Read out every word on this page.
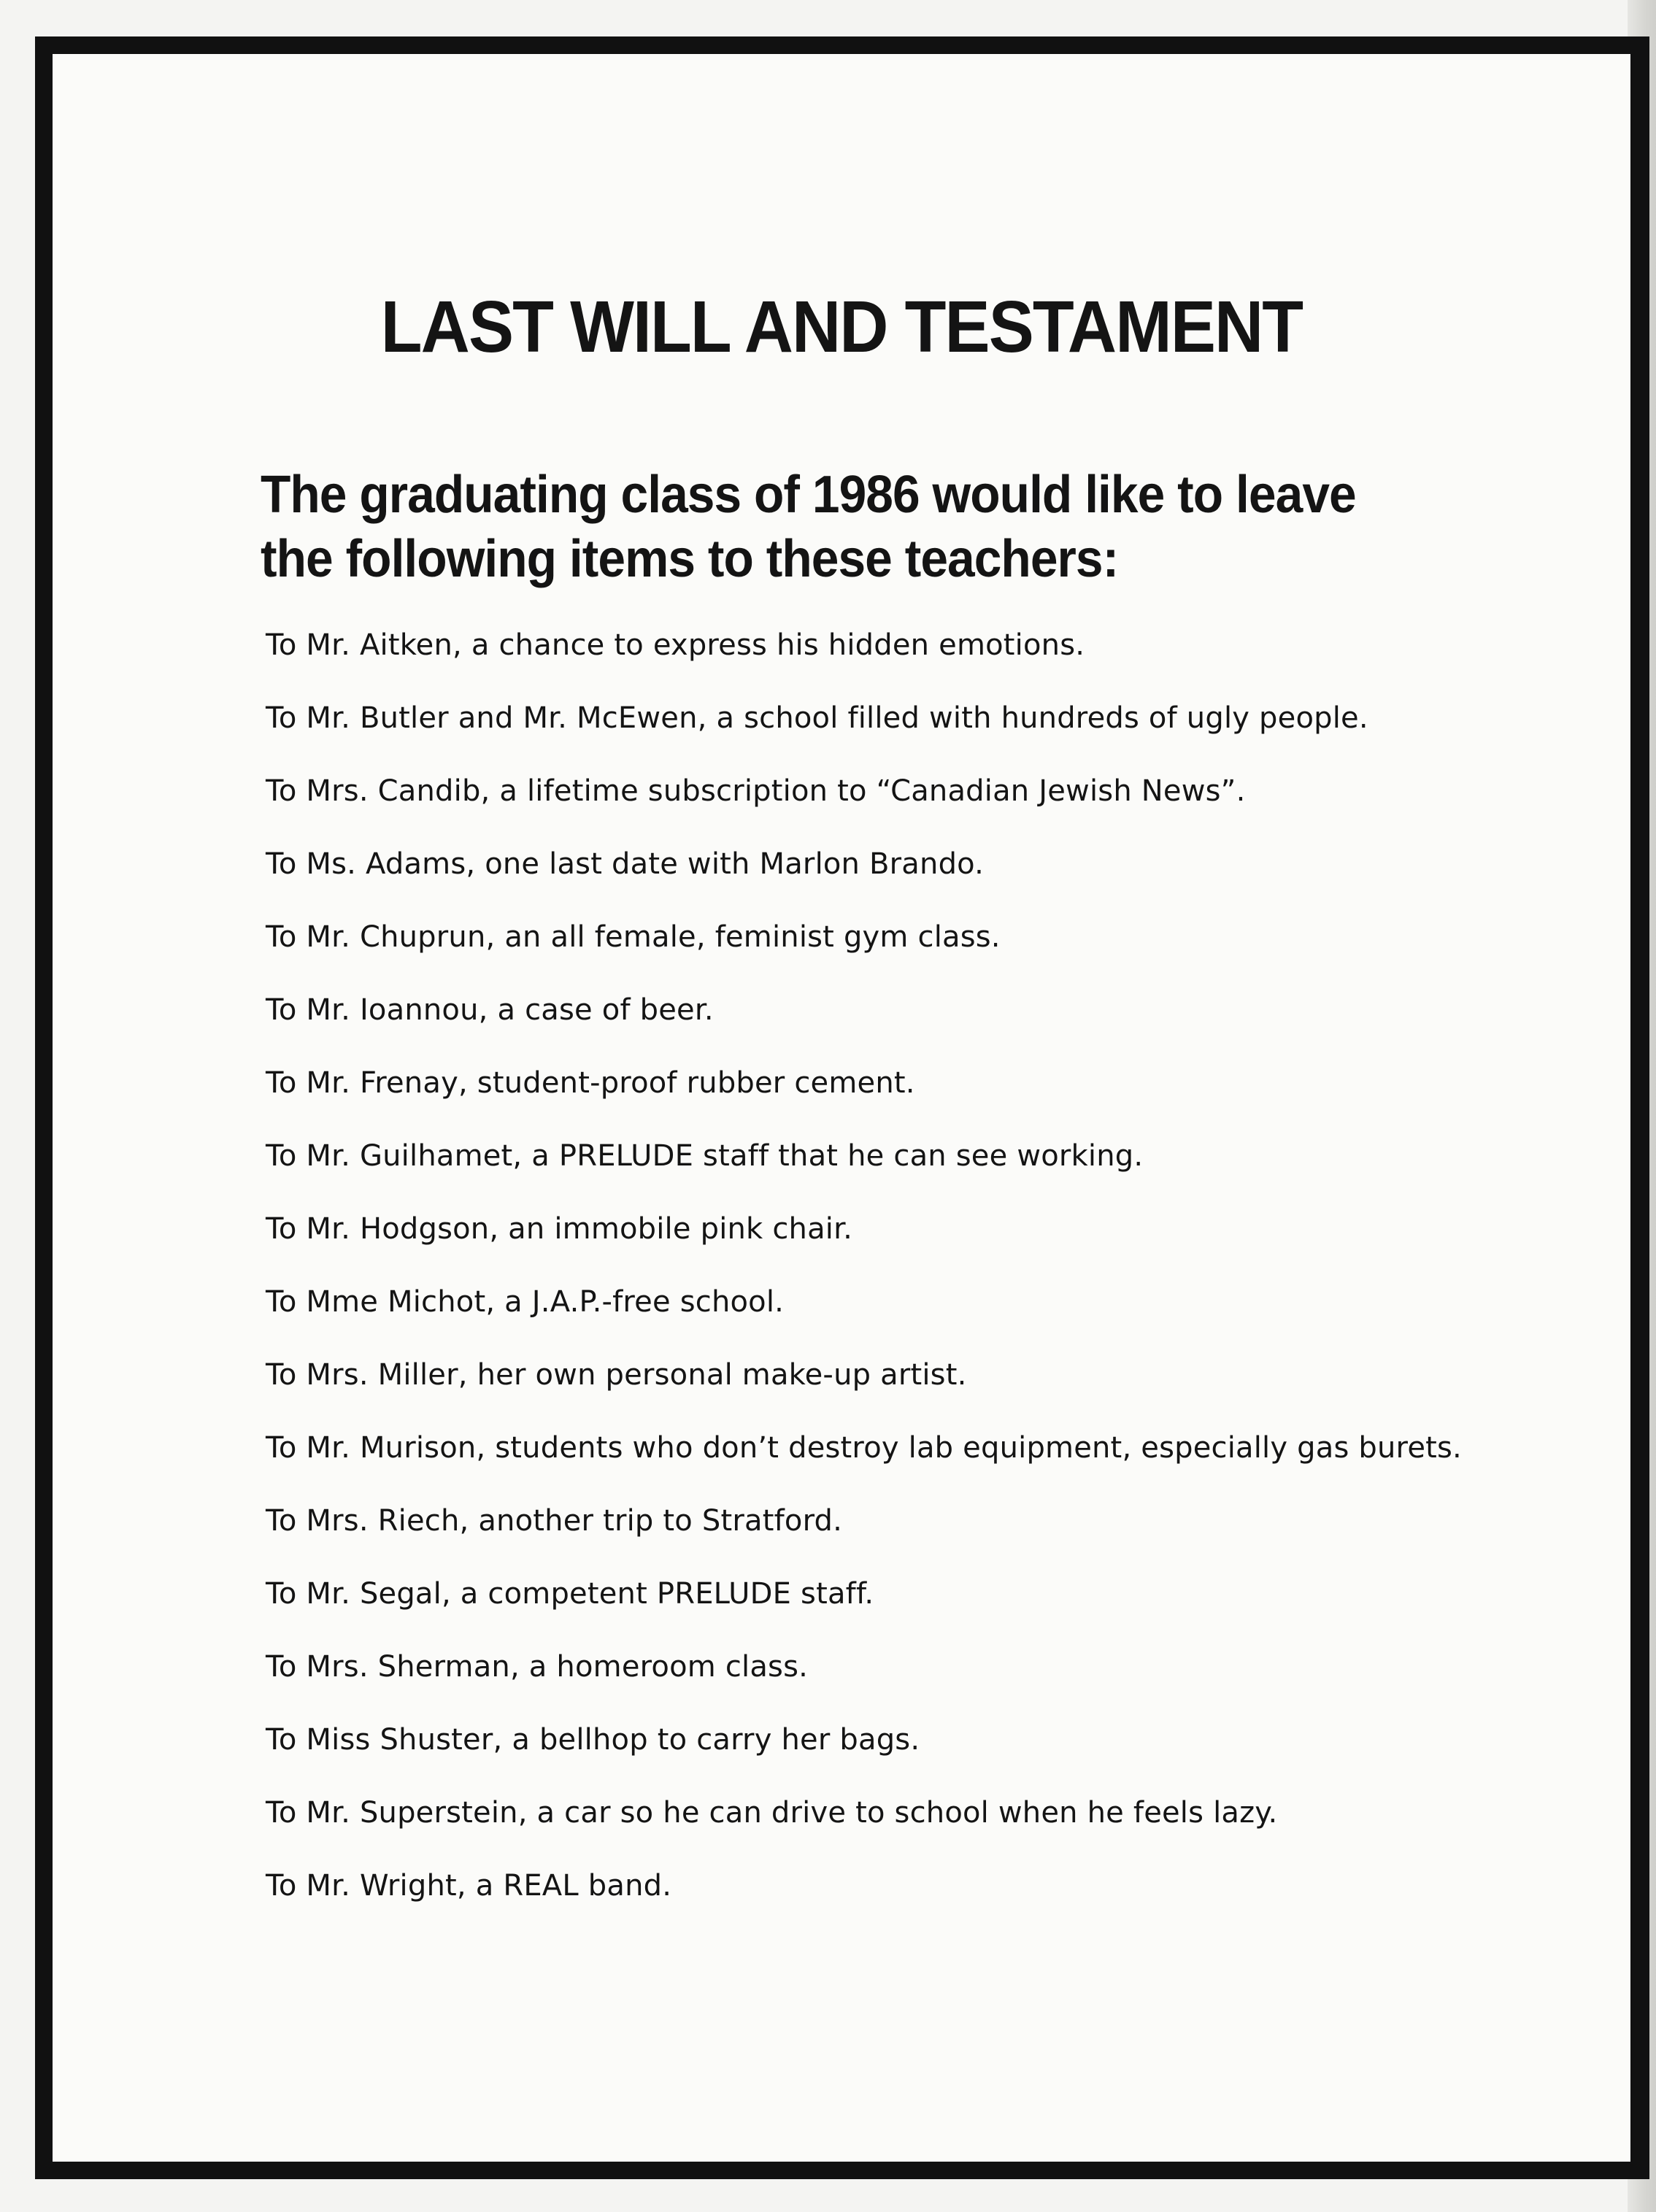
LAST WILL AND TESTAMENT
The graduating class of 1986 would like to leave the following items to these teachers:
To Mr. Aitken, a chance to express his hidden emotions.
To Mr. Butler and Mr. McEwen, a school filled with hundreds of ugly people.
To Mrs. Candib, a lifetime subscription to “Canadian Jewish News”.
To Ms. Adams, one last date with Marlon Brando.
To Mr. Chuprun, an all female, feminist gym class.
To Mr. Ioannou, a case of beer.
To Mr. Frenay, student-proof rubber cement.
To Mr. Guilhamet, a PRELUDE staff that he can see working.
To Mr. Hodgson, an immobile pink chair.
To Mme Michot, a J.A.P.-free school.
To Mrs. Miller, her own personal make-up artist.
To Mr. Murison, students who don’t destroy lab equipment, especially gas burets.
To Mrs. Riech, another trip to Stratford.
To Mr. Segal, a competent PRELUDE staff.
To Mrs. Sherman, a homeroom class.
To Miss Shuster, a bellhop to carry her bags.
To Mr. Superstein, a car so he can drive to school when he feels lazy.
To Mr. Wright, a REAL band.
